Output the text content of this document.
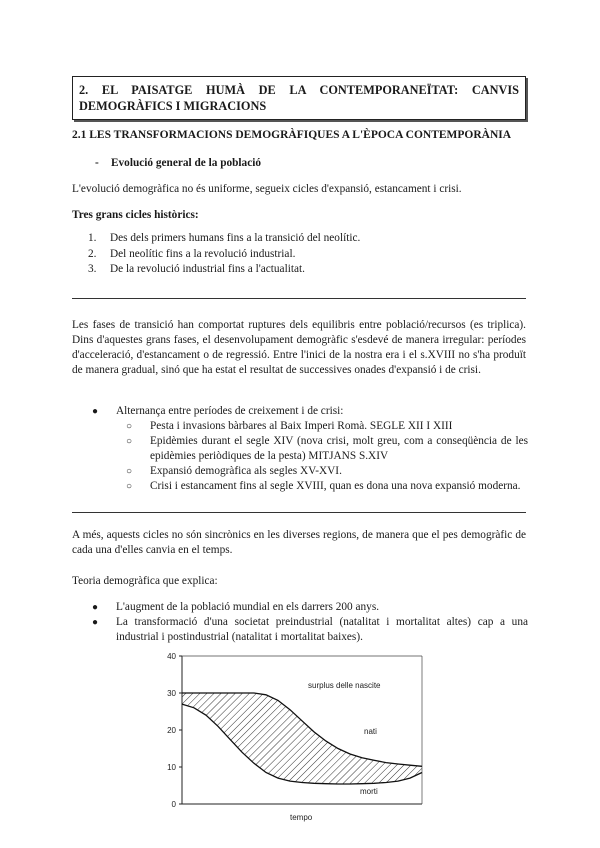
2. EL PAISATGE HUMÀ DE LA CONTEMPORANEÏTAT: CANVIS DEMOGRÀFICS I MIGRACIONS
2.1 LES TRANSFORMACIONS DEMOGRÀFIQUES A L'ÈPOCA CONTEMPORÀNIA
- Evolució general de la població
L'evolució demogràfica no és uniforme, segueix cicles d'expansió, estancament i crisi.
Tres grans cicles històrics:
1. Des dels primers humans fins a la transició del neolític.
2. Del neolític fins a la revolució industrial.
3. De la revolució industrial fins a l'actualitat.
Les fases de transició han comportat ruptures dels equilibris entre població/recursos (es triplica). Dins d'aquestes grans fases, el desenvolupament demogràfic s'esdevé de manera irregular: períodes d'acceleració, d'estancament o de regressió. Entre l'inici de la nostra era i el s.XVIII no s'ha produït de manera gradual, sinó que ha estat el resultat de successives onades d'expansió i de crisi.
● Alternança entre períodes de creixement i de crisi:
○ Pesta i invasions bàrbares al Baix Imperi Romà. SEGLE XII I XIII
○ Epidèmies durant el segle XIV (nova crisi, molt greu, com a conseqüència de les epidèmies periòdiques de la pesta) MITJANS S.XIV
○ Expansió demogràfica als segles XV-XVI.
○ Crisi i estancament fins al segle XVIII, quan es dona una nova expansió moderna.
A més, aquests cicles no són sincrònics en les diverses regions, de manera que el pes demogràfic de cada una d'elles canvia en el temps.
Teoria demogràfica que explica:
● L'augment de la població mundial en els darrers 200 anys.
● La transformació d'una societat preindustrial (natalitat i mortalitat altes) cap a una industrial i postindustrial (natalitat i mortalitat baixes).
0
10
20
30
40
surplus delle nascite
nati
morti
tempo
